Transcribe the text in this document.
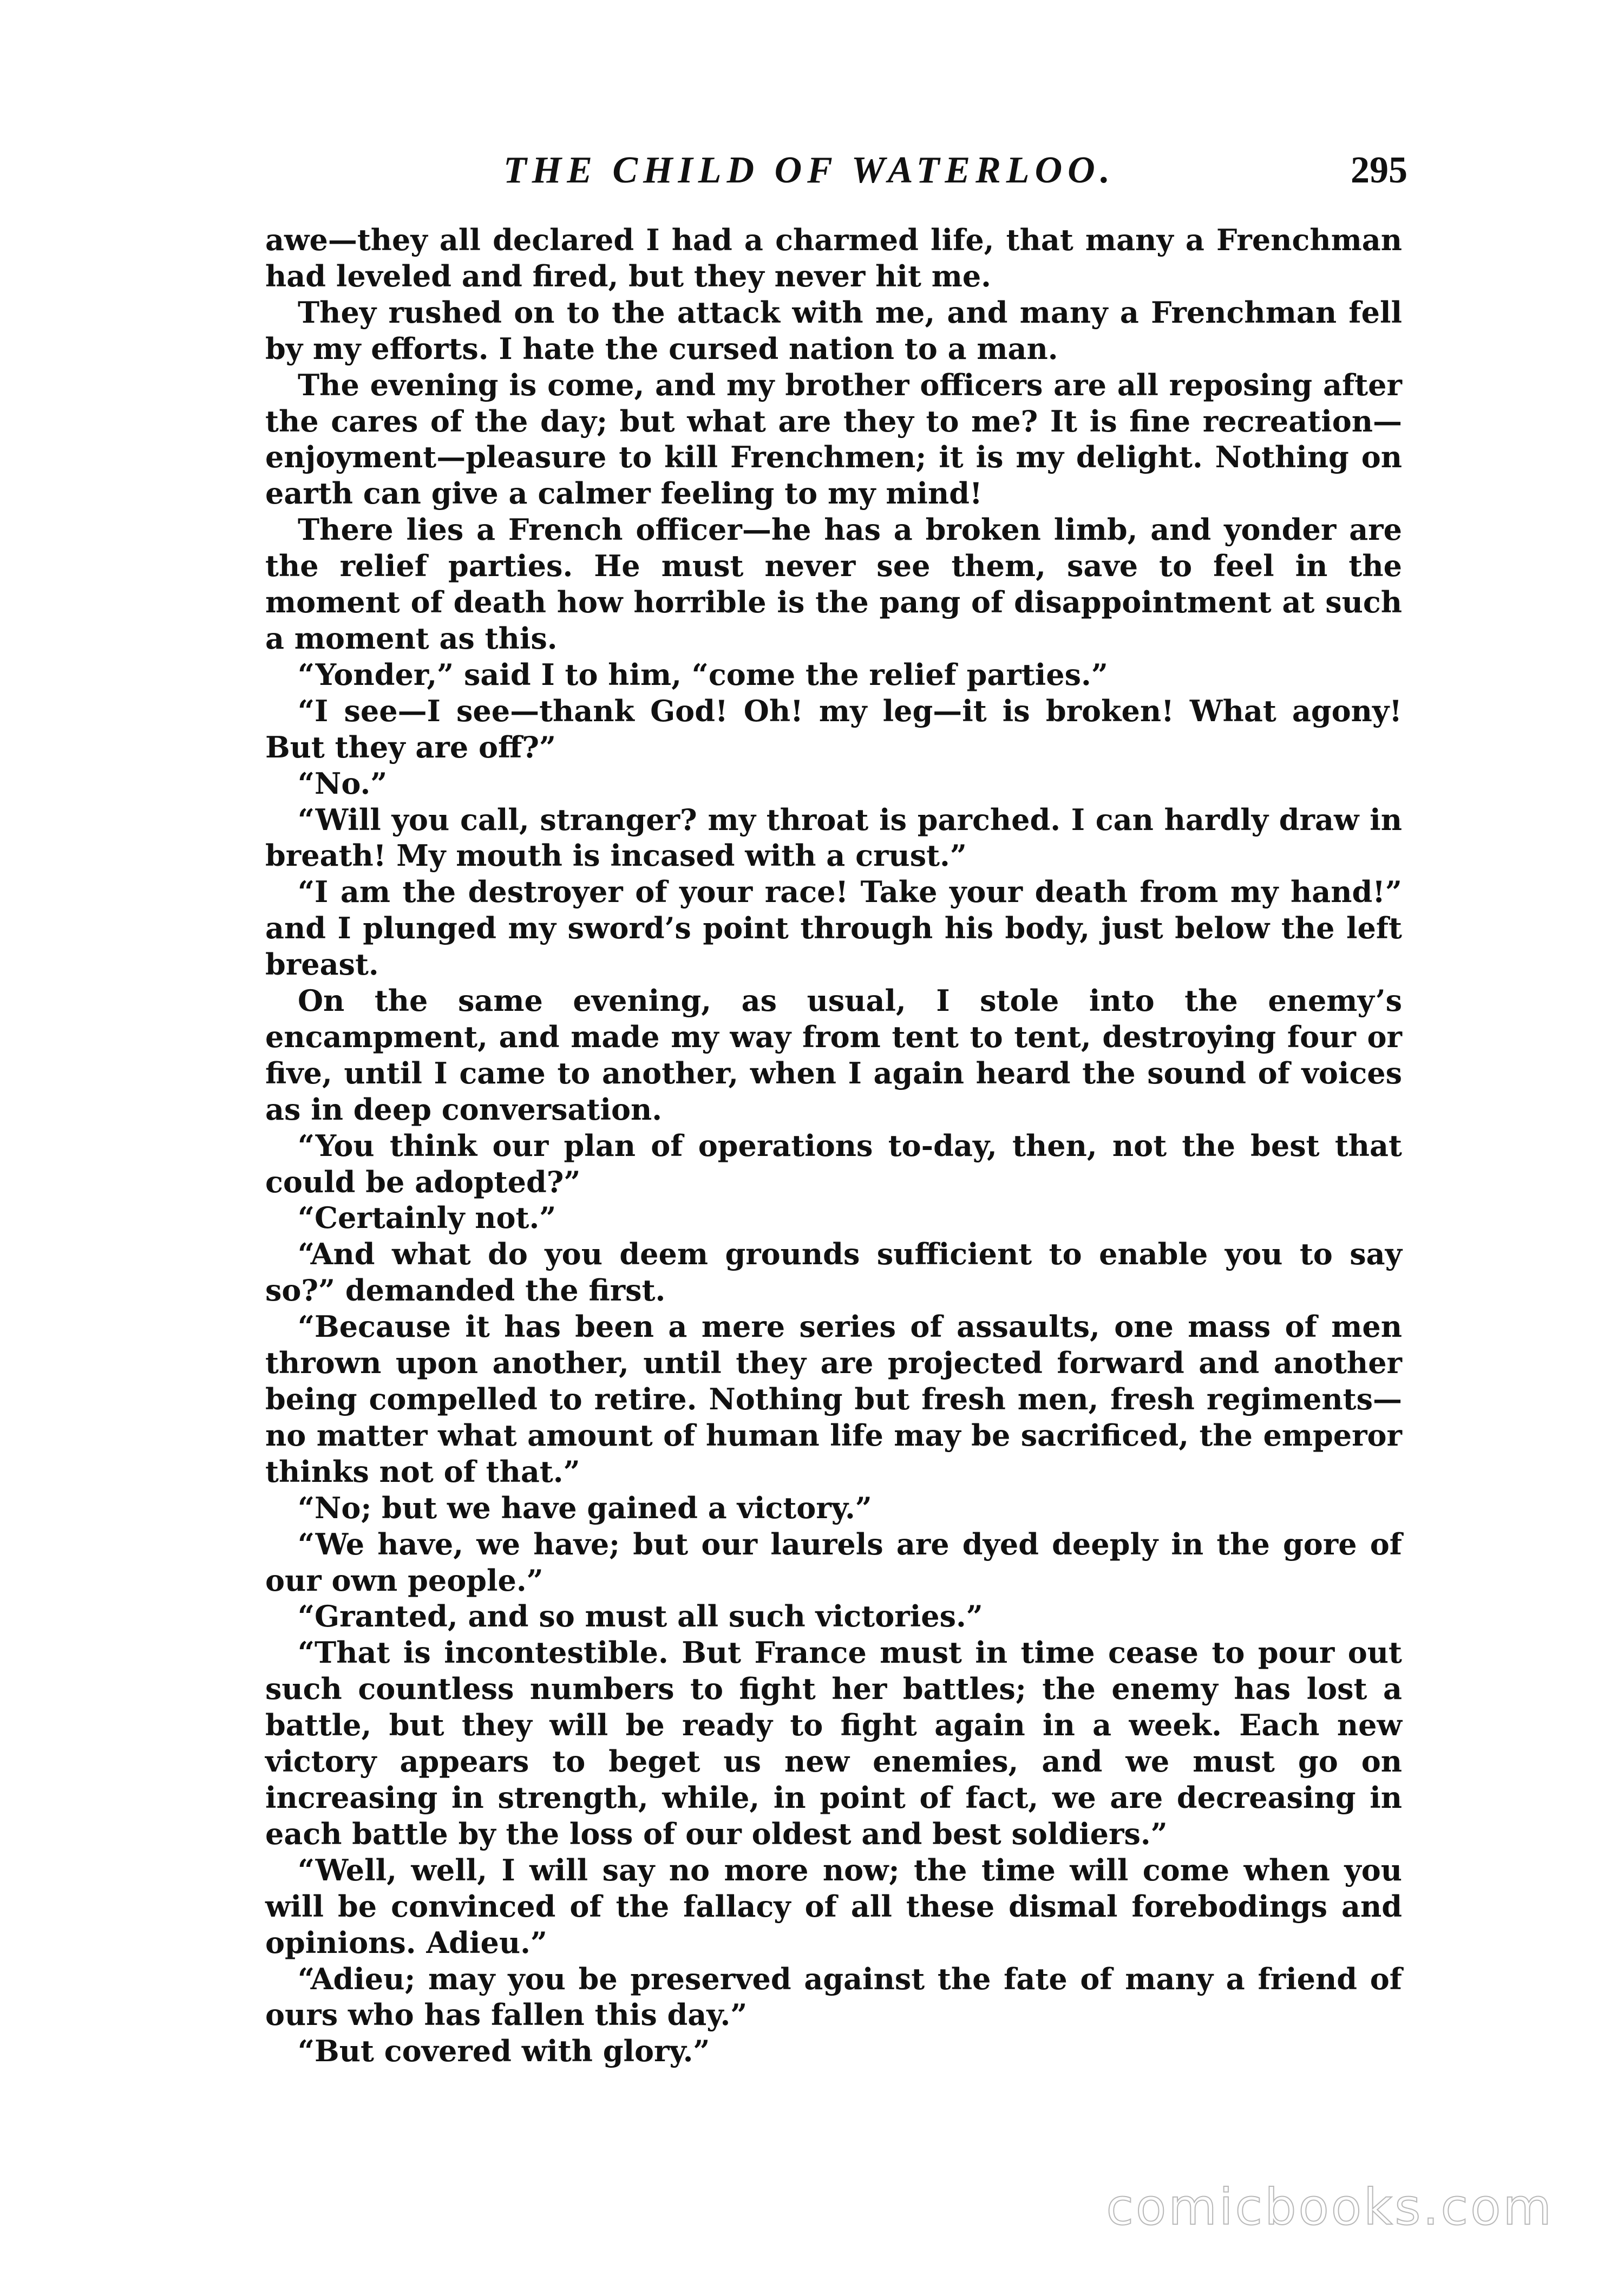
THE CHILD OF WATERLOO.	295

awe—they all declared I had a charmed life, that many a Frenchman had leveled and fired, but they never hit me.

They rushed on to the attack with me, and many a Frenchman fell by my efforts. I hate the cursed nation to a man.

The evening is come, and my brother officers are all reposing after the cares of the day; but what are they to me? It is fine recreation—enjoyment—pleasure to kill Frenchmen; it is my delight. Nothing on earth can give a calmer feeling to my mind!

There lies a French officer—he has a broken limb, and yonder are the relief parties. He must never see them, save to feel in the moment of death how horrible is the pang of disappointment at such a moment as this.

“Yonder,” said I to him, “come the relief parties.”

“I see—I see—thank God! Oh! my leg—it is broken! What agony! But they are off?”

“No.”

“Will you call, stranger? my throat is parched. I can hardly draw in breath! My mouth is incased with a crust.”

“I am the destroyer of your race! Take your death from my hand!” and I plunged my sword’s point through his body, just below the left breast.

On the same evening, as usual, I stole into the enemy’s encampment, and made my way from tent to tent, destroying four or five, until I came to another, when I again heard the sound of voices as in deep conversation.

“You think our plan of operations to-day, then, not the best that could be adopted?”

“Certainly not.”

“And what do you deem grounds sufficient to enable you to say so?” demanded the first.

“Because it has been a mere series of assaults, one mass of men thrown upon another, until they are projected forward and another being compelled to retire. Nothing but fresh men, fresh regiments—no matter what amount of human life may be sacrificed, the emperor thinks not of that.”

“No; but we have gained a victory.”

“We have, we have; but our laurels are dyed deeply in the gore of our own people.”

“Granted, and so must all such victories.”

“That is incontestible. But France must in time cease to pour out such countless numbers to fight her battles; the enemy has lost a battle, but they will be ready to fight again in a week. Each new victory appears to beget us new enemies, and we must go on increasing in strength, while, in point of fact, we are decreasing in each battle by the loss of our oldest and best soldiers.”

“Well, well, I will say no more now; the time will come when you will be convinced of the fallacy of all these dismal forebodings and opinions. Adieu.”

“Adieu; may you be preserved against the fate of many a friend of ours who has fallen this day.”

“But covered with glory.”

comicbooks.com
